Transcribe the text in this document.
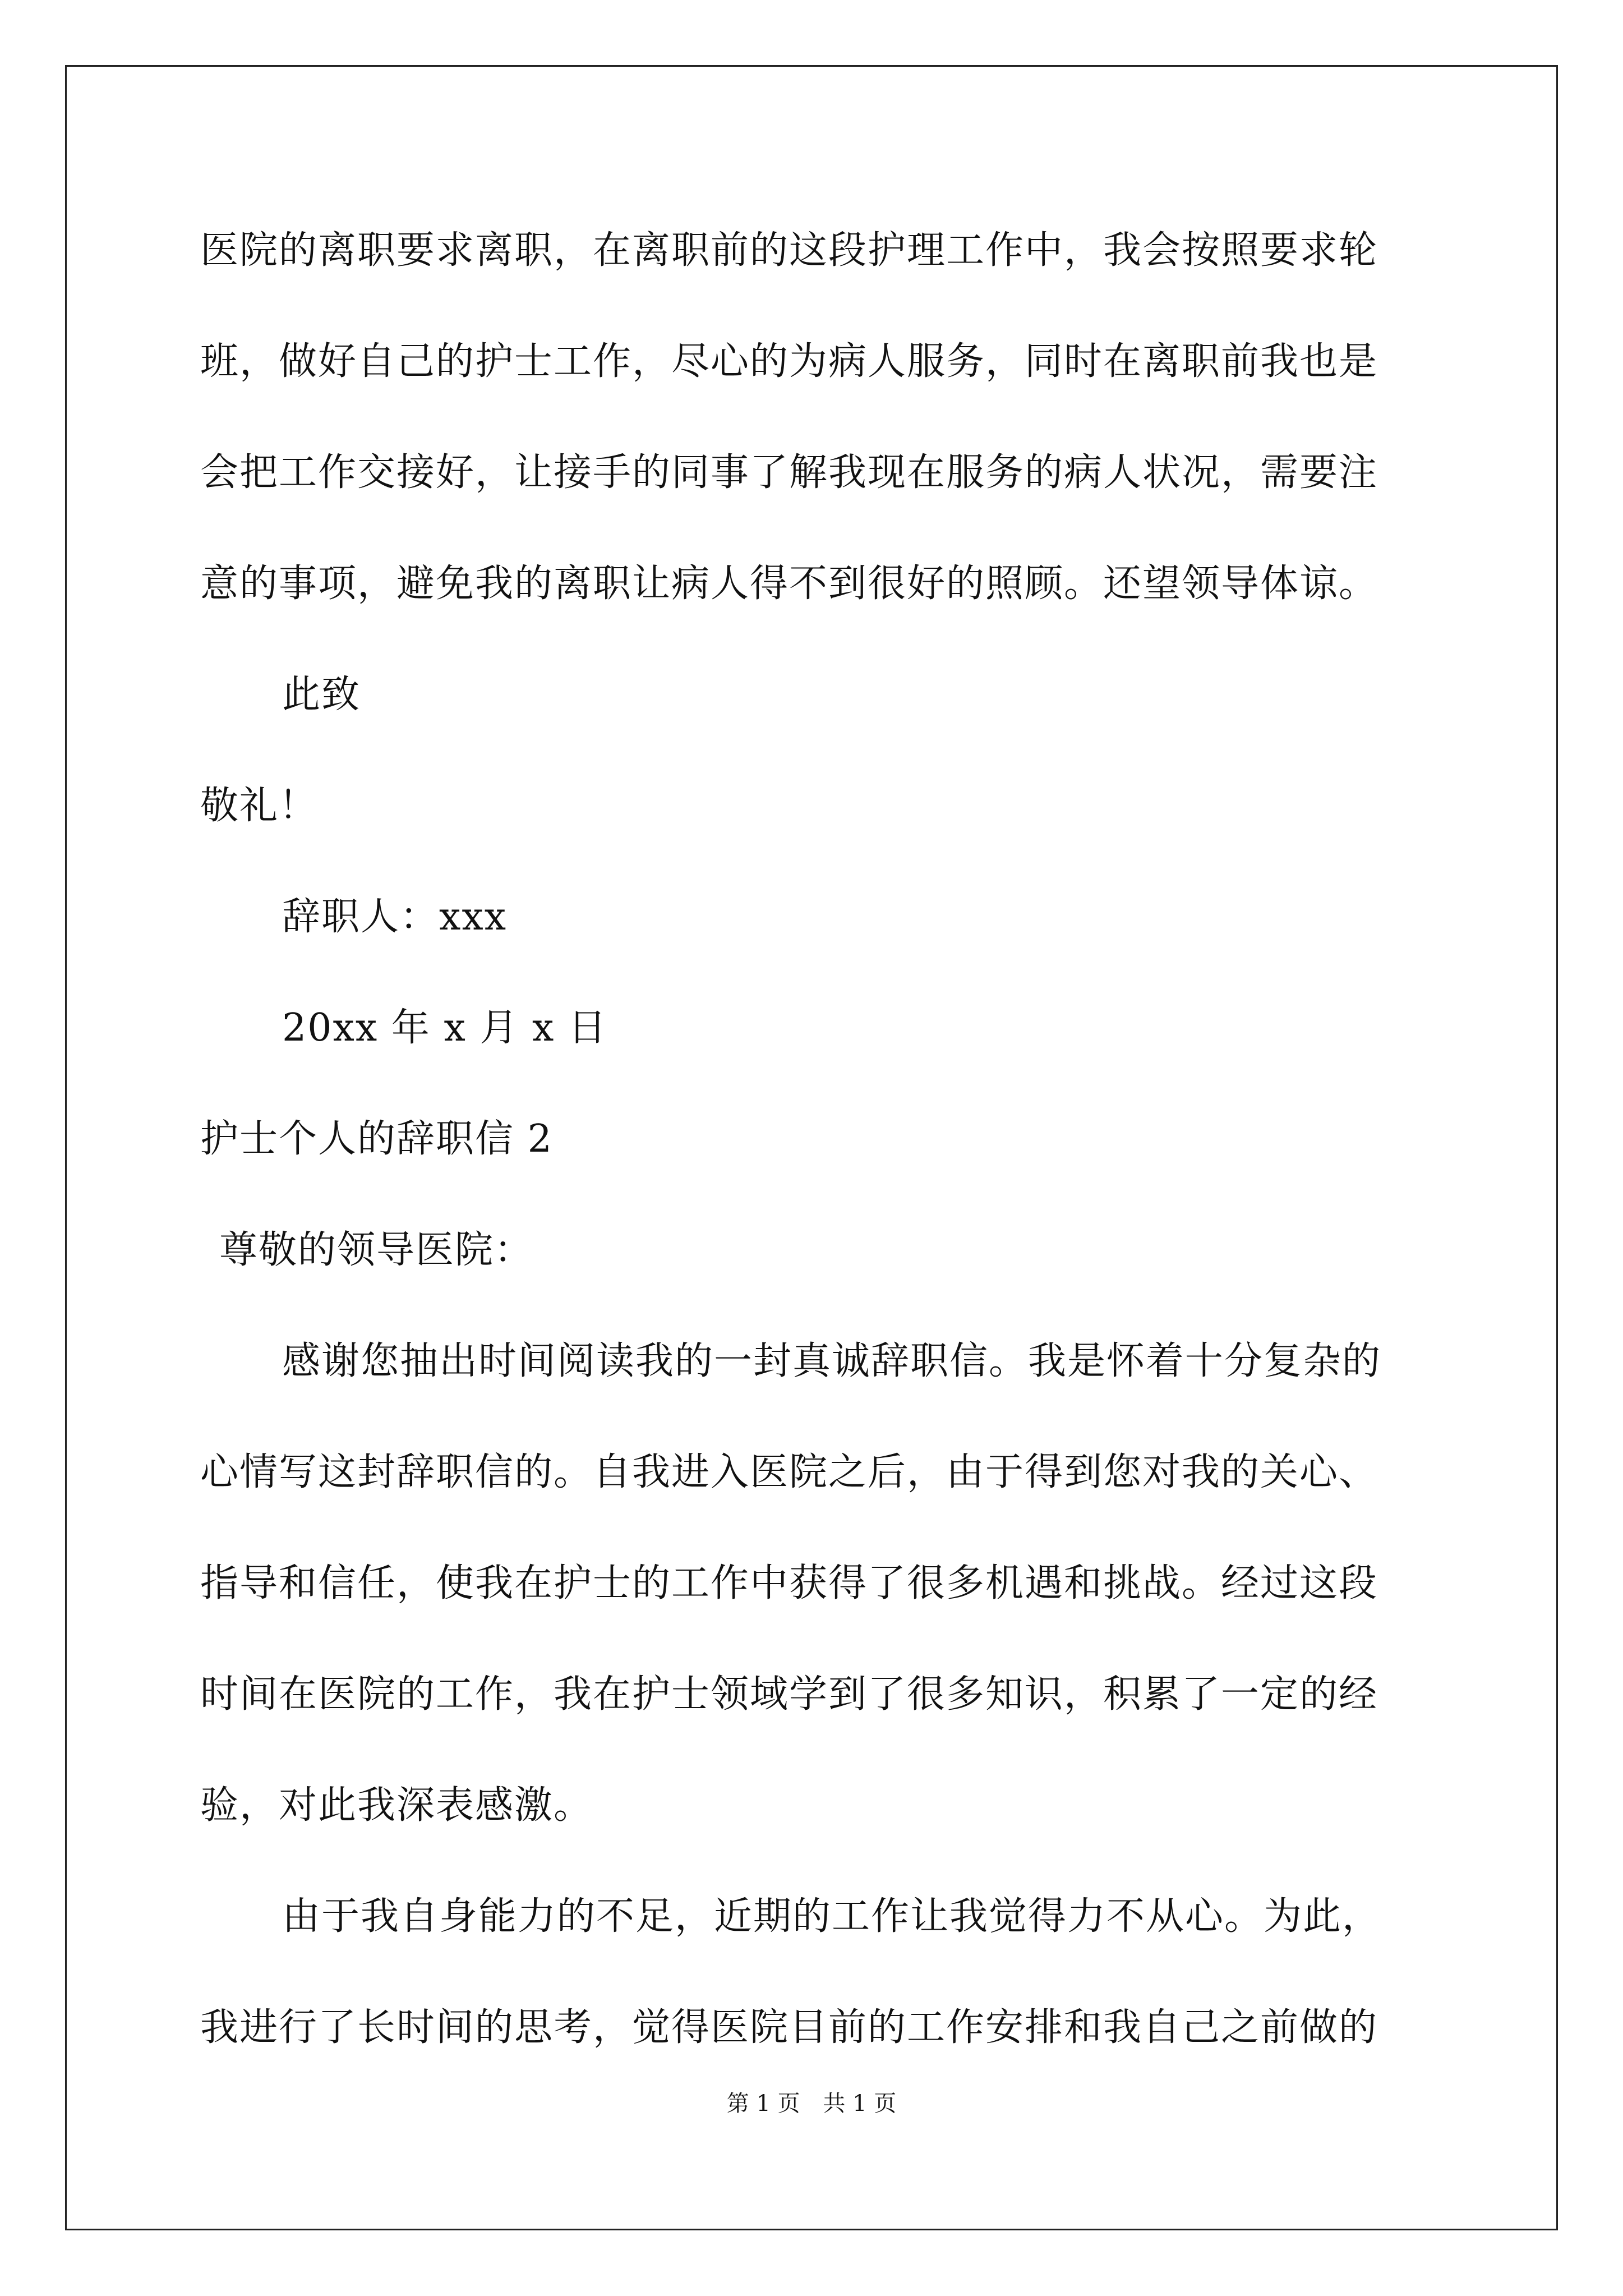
医院的离职要求离职，在离职前的这段护理工作中，我会按照要求轮
班，做好自己的护士工作，尽心的为病人服务，同时在离职前我也是
会把工作交接好，让接手的同事了解我现在服务的病人状况，需要注
意的事项，避免我的离职让病人得不到很好的照顾。还望领导体谅。
此致
敬礼！
辞职人：xxx
20xx 年 x 月 x 日
护士个人的辞职信 2
尊敬的领导医院：
感谢您抽出时间阅读我的一封真诚辞职信。我是怀着十分复杂的
心情写这封辞职信的。自我进入医院之后，由于得到您对我的关心、
指导和信任，使我在护士的工作中获得了很多机遇和挑战。经过这段
时间在医院的工作，我在护士领域学到了很多知识，积累了一定的经
验，对此我深表感激。
由于我自身能力的不足，近期的工作让我觉得力不从心。为此，
我进行了长时间的思考，觉得医院目前的工作安排和我自己之前做的
第 1 页 共 1 页
